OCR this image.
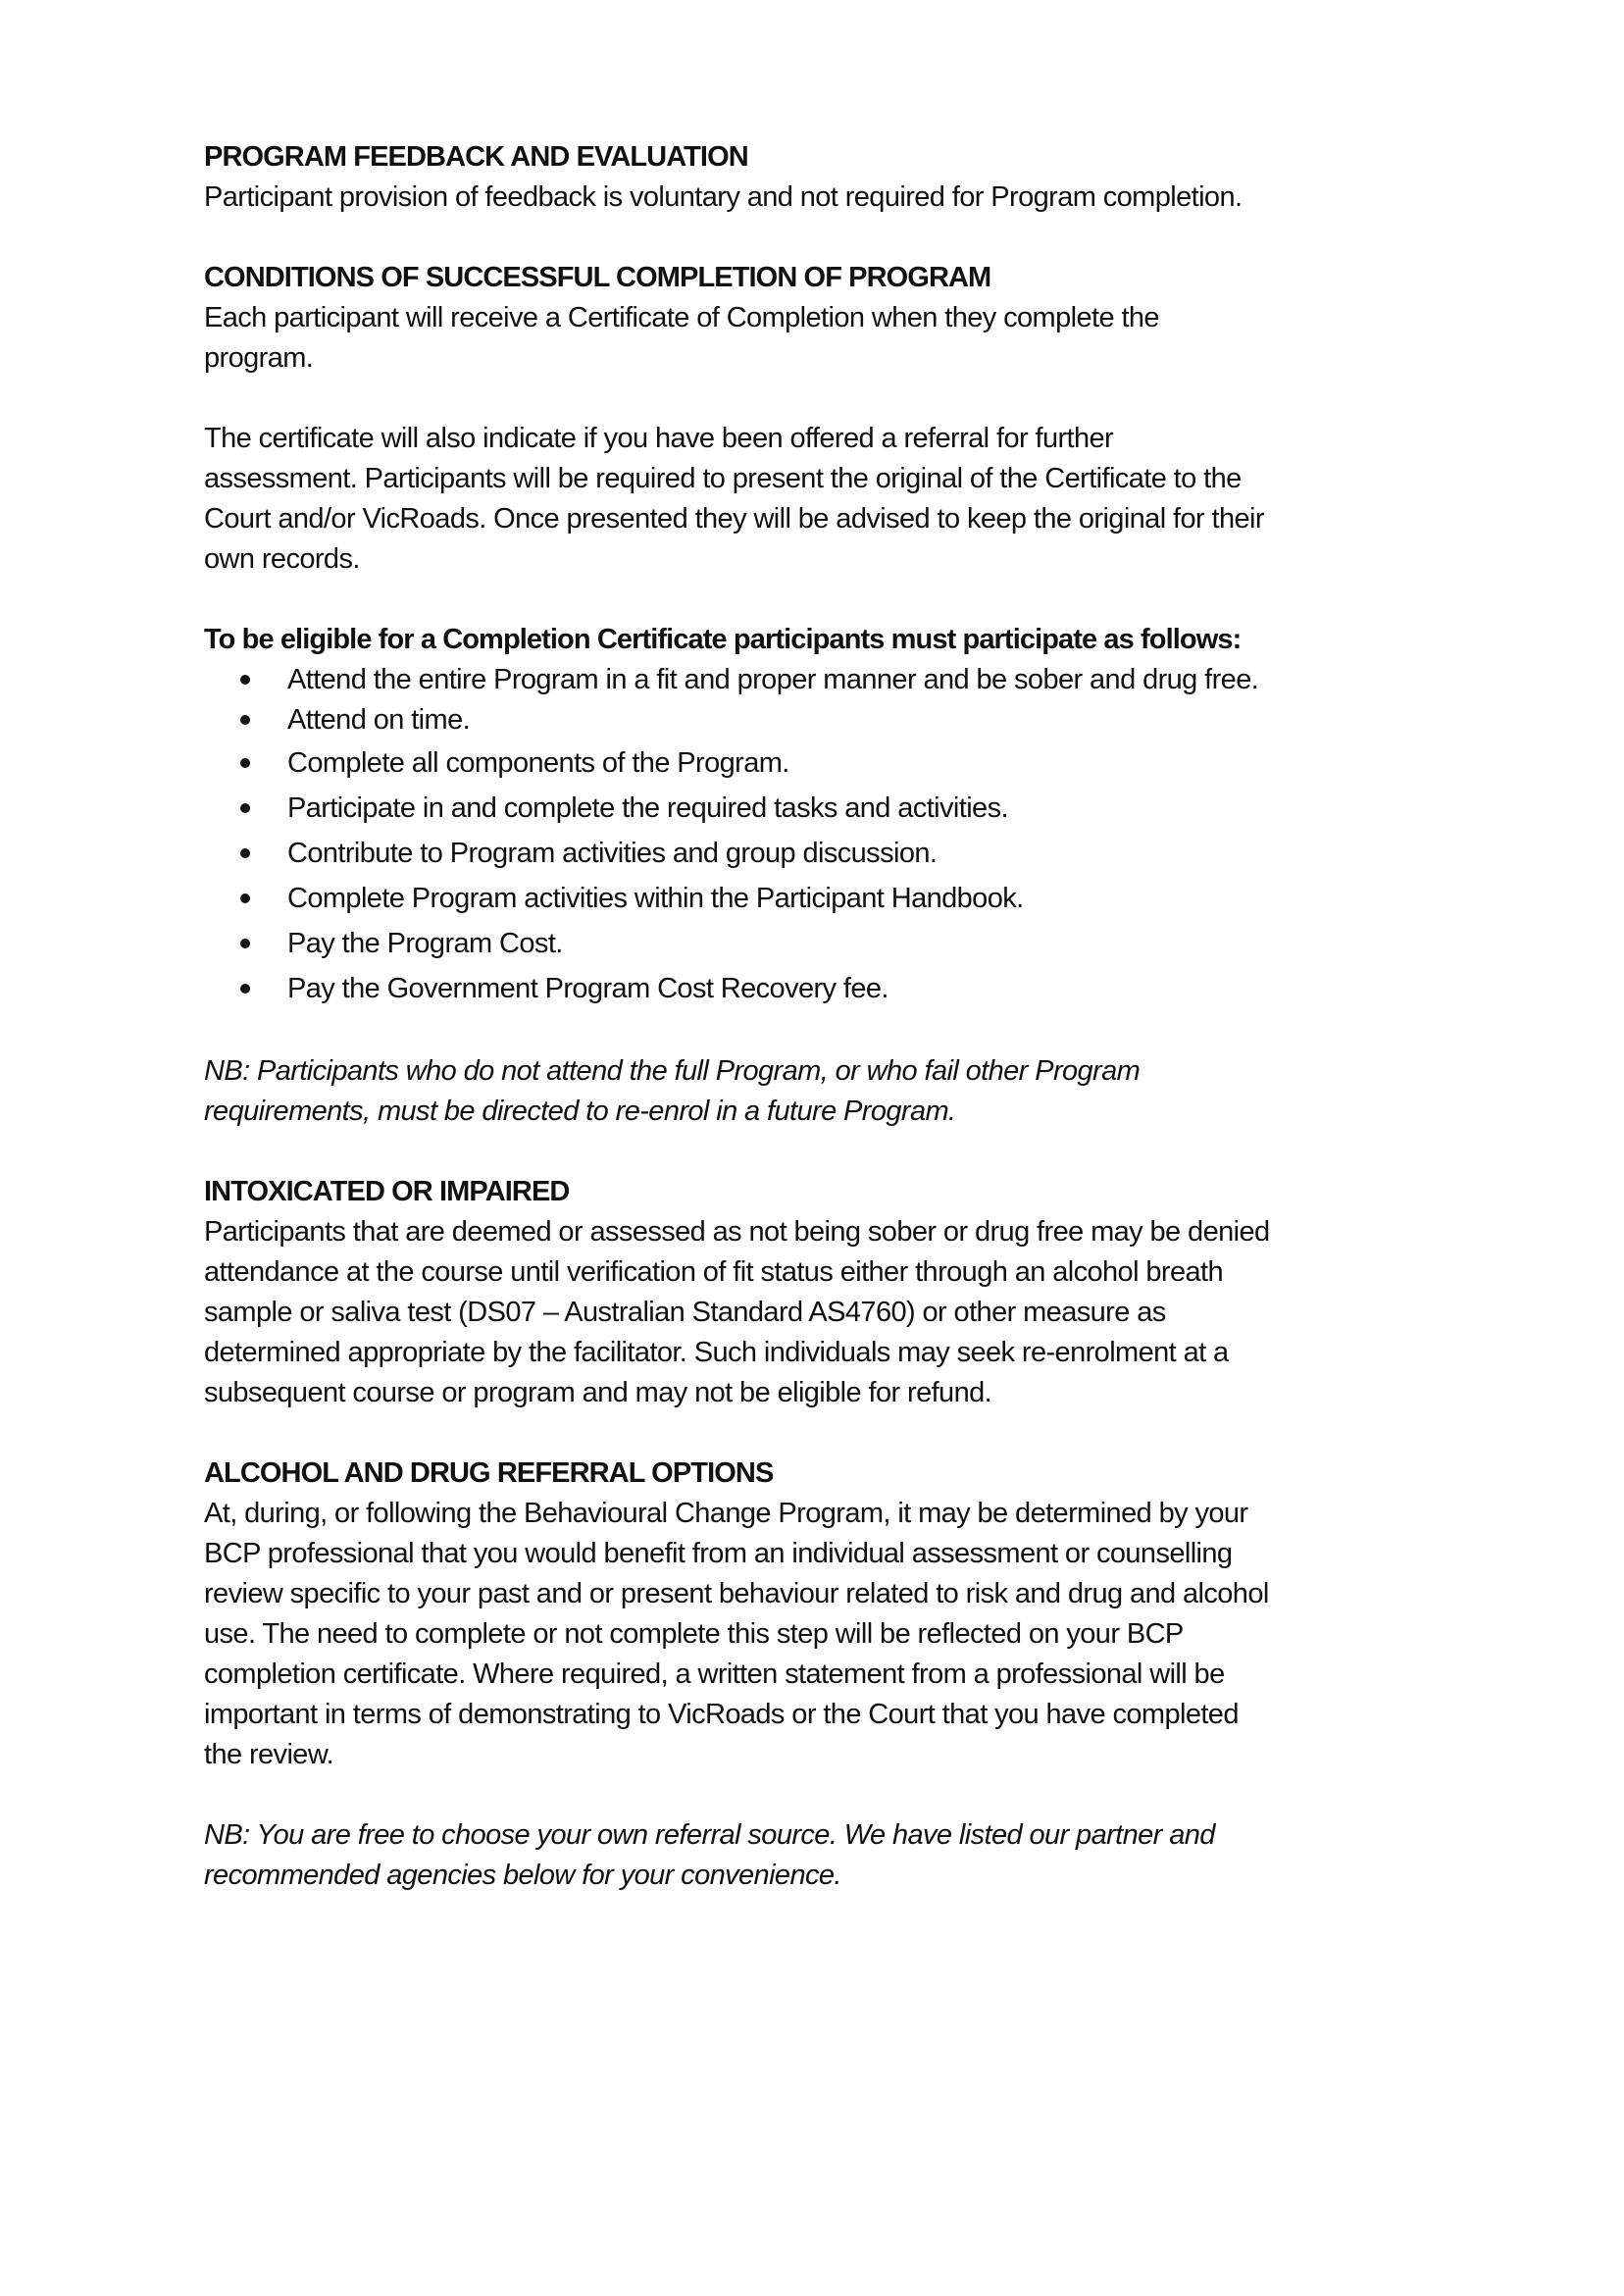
PROGRAM FEEDBACK AND EVALUATION
Participant provision of feedback is voluntary and not required for Program completion.
CONDITIONS OF SUCCESSFUL COMPLETION OF PROGRAM
Each participant will receive a Certificate of Completion when they complete the
program.
The certificate will also indicate if you have been offered a referral for further
assessment. Participants will be required to present the original of the Certificate to the
Court and/or VicRoads. Once presented they will be advised to keep the original for their
own records.
To be eligible for a Completion Certificate participants must participate as follows:
Attend the entire Program in a fit and proper manner and be sober and drug free.
Attend on time.
Complete all components of the Program.
Participate in and complete the required tasks and activities.
Contribute to Program activities and group discussion.
Complete Program activities within the Participant Handbook.
Pay the Program Cost.
Pay the Government Program Cost Recovery fee.
NB: Participants who do not attend the full Program, or who fail other Program
requirements, must be directed to re-enrol in a future Program.
INTOXICATED OR IMPAIRED
Participants that are deemed or assessed as not being sober or drug free may be denied
attendance at the course until verification of fit status either through an alcohol breath
sample or saliva test (DS07 – Australian Standard AS4760) or other measure as
determined appropriate by the facilitator. Such individuals may seek re-enrolment at a
subsequent course or program and may not be eligible for refund.
ALCOHOL AND DRUG REFERRAL OPTIONS
At, during, or following the Behavioural Change Program, it may be determined by your
BCP professional that you would benefit from an individual assessment or counselling
review specific to your past and or present behaviour related to risk and drug and alcohol
use. The need to complete or not complete this step will be reflected on your BCP
completion certificate. Where required, a written statement from a professional will be
important in terms of demonstrating to VicRoads or the Court that you have completed
the review.
NB: You are free to choose your own referral source. We have listed our partner and
recommended agencies below for your convenience.
